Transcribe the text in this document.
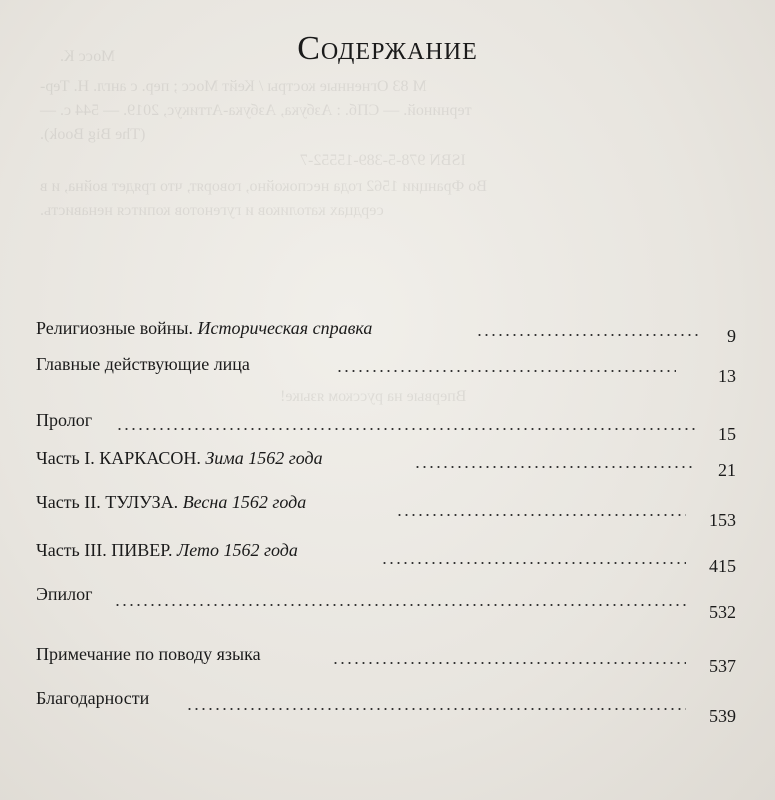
Мосс К.
М 83 Огненные костры / Кейт Мосс ; пер. с англ. Н. Тер-
терниной. — СПб. : Азбука, Азбука-Аттикус, 2019. — 544 с. —
(The Big Book).
ISBN 978-5-389-15552-7
Во Франции 1562 года неспокойно, говорят, что грядет война, и в
сердцах католиков и гугенотов копится ненависть.
Впервые на русском языке!
Содержание
Религиозные войны. Историческая справка	9
Главные действующие лица
13
Пролог
15
Часть I. КАРКАСОН. Зима 1562 года
21
Часть II. ТУЛУЗА. Весна 1562 года
153
Часть III. ПИВЕР. Лето 1562 года
415
Эпилог
532
Примечание по поводу языка
537
Благодарности
539
